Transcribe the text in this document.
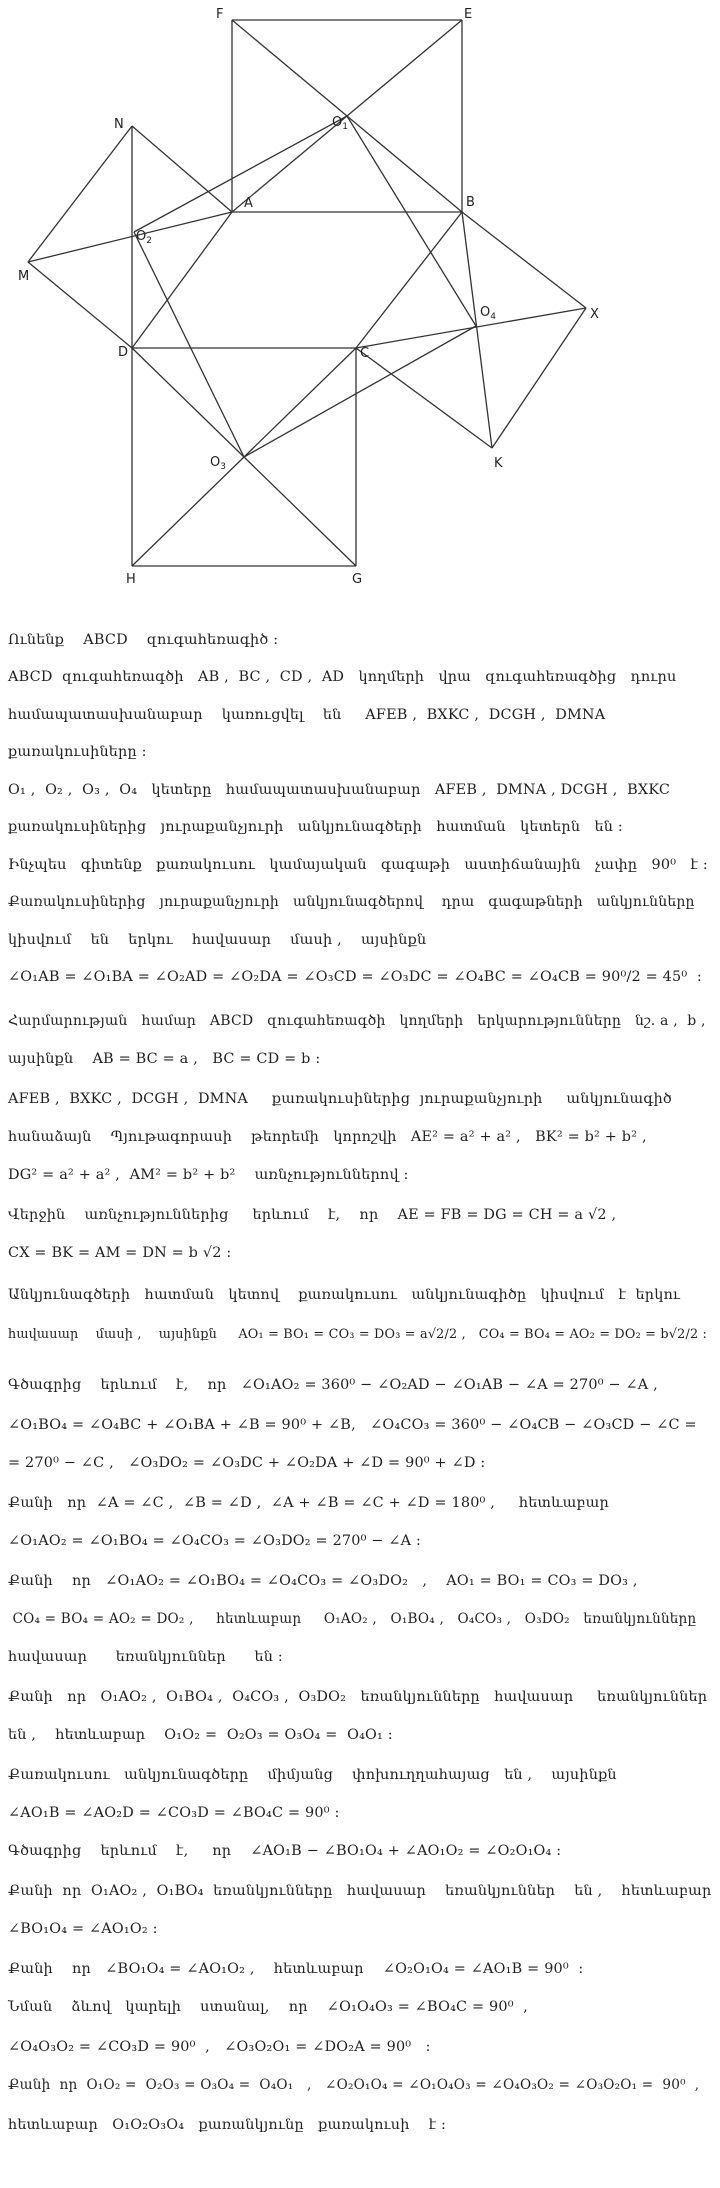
F	E
N
M
A	B
D	C
X
K
H	G
$O_1$
$O_2$
$O_3$
$O_4$
Ունենք    ABCD    զուգահեռագիծ :
ABCD  զուգահեռագծի   AB ,  BC ,  CD ,  AD   կողմերի   վրա   զուգահեռագծից   դուրս
համապատասխանաբար    կառուցվել    են     AFEB ,  BXKC ,  DCGH ,  DMNA
քառակուսիները :
O₁ ,  O₂ ,  O₃ ,  O₄   կետերը   համապատասխանաբար   AFEB ,  DMNA , DCGH ,  BXKC
քառակուսիներից   յուրաքանչյուրի   անկյունագծերի   հատման   կետերն   են :
Ինչպես   գիտենք   քառակուսու   կամայական   գագաթի   աստիճանային   չափը   90⁰   է :
Քառակուսիներից   յուրաքանչյուրի   անկյունագծերով    դրա   գագաթների   անկյունները
կիսվում    են    երկու    հավասար    մասի ,    այսինքն
∠O₁AB = ∠O₁BA = ∠O₂AD = ∠O₂DA = ∠O₃CD = ∠O₃DC = ∠O₄BC = ∠O₄CB = 90⁰/2 = 45⁰  :
Հարմարության   համար   ABCD   զուգահեռագծի   կողմերի   երկարությունները   նշ. a ,  b ,
այսինքն    AB = BC = a ,   BC = CD = b :
AFEB ,  BXKC ,  DCGH ,  DMNA     քառակուսիներից  յուրաքանչյուրի     անկյունագիծ
հանաձայն    Պյութագորասի    թեորեմի   կորոշվի   AE² = a² + a² ,   BK² = b² + b² ,
DG² = a² + a² ,  AM² = b² + b²    առնչություններով :
Վերջին    առնչություններից     երևում    է,    որ    AE = FB = DG = CH = a √2 ,
CX = BK = AM = DN = b √2 :
Անկյունագծերի   հատման   կետով    քառակուսու   անկյունագիծը   կիսվում   է  երկու
հավասար    մասի ,    այսինքն     AO₁ = BO₁ = CO₃ = DO₃ = a√2/2 ,   CO₄ = BO₄ = AO₂ = DO₂ = b√2/2 :
Գծագրից    երևում    է,    որ   ∠O₁AO₂ = 360⁰ − ∠O₂AD − ∠O₁AB − ∠A = 270⁰ − ∠A ,
∠O₁BO₄ = ∠O₄BC + ∠O₁BA + ∠B = 90⁰ + ∠B,   ∠O₄CO₃ = 360⁰ − ∠O₄CB − ∠O₃CD − ∠C =
= 270⁰ − ∠C ,   ∠O₃DO₂ = ∠O₃DC + ∠O₂DA + ∠D = 90⁰ + ∠D :
Քանի   որ  ∠A = ∠C ,  ∠B = ∠D ,  ∠A + ∠B = ∠C + ∠D = 180⁰ ,     հետևաբար
∠O₁AO₂ = ∠O₁BO₄ = ∠O₄CO₃ = ∠O₃DO₂ = 270⁰ − ∠A :
Քանի    որ   ∠O₁AO₂ = ∠O₁BO₄ = ∠O₄CO₃ = ∠O₃DO₂   ,    AO₁ = BO₁ = CO₃ = DO₃ ,
CO₄ = BO₄ = AO₂ = DO₂ ,     հետևաբար     O₁AO₂ ,   O₁BO₄ ,   O₄CO₃ ,   O₃DO₂   եռանկյունները
հավասար      եռանկյուններ      են :
Քանի   որ   O₁AO₂ ,  O₁BO₄ ,  O₄CO₃ ,  O₃DO₂   եռանկյունները   հավասար     եռանկյուններ
են ,    հետևաբար    O₁O₂ =  O₂O₃ = O₃O₄ =  O₄O₁ :
Քառակուսու   անկյունագծերը    միմյանց    փոխուղղահայաց   են ,    այսինքն
∠AO₁B = ∠AO₂D = ∠CO₃D = ∠BO₄C = 90⁰ :
Գծագրից    երևում    է,     որ    ∠AO₁B − ∠BO₁O₄ + ∠AO₁O₂ = ∠O₂O₁O₄ :
Քանի  որ  O₁AO₂ ,  O₁BO₄  եռանկյունները   հավասար    եռանկյուններ    են ,    հետևաբար
∠BO₁O₄ = ∠AO₁O₂ :
Քանի    որ   ∠BO₁O₄ = ∠AO₁O₂ ,    հետևաբար    ∠O₂O₁O₄ = ∠AO₁B = 90⁰  :
Նման    ձևով   կարելի    ստանալ,    որ    ∠O₁O₄O₃ = ∠BO₄C = 90⁰  ,
∠O₄O₃O₂ = ∠CO₃D = 90⁰  ,   ∠O₃O₂O₁ = ∠DO₂A = 90⁰   :
Քանի  որ  O₁O₂ =  O₂O₃ = O₃O₄ =  O₄O₁   ,   ∠O₂O₁O₄ = ∠O₁O₄O₃ = ∠O₄O₃O₂ = ∠O₃O₂O₁ =  90⁰  ,
հետևաբար   O₁O₂O₃O₄   քառանկյունը   քառակուսի    է :
